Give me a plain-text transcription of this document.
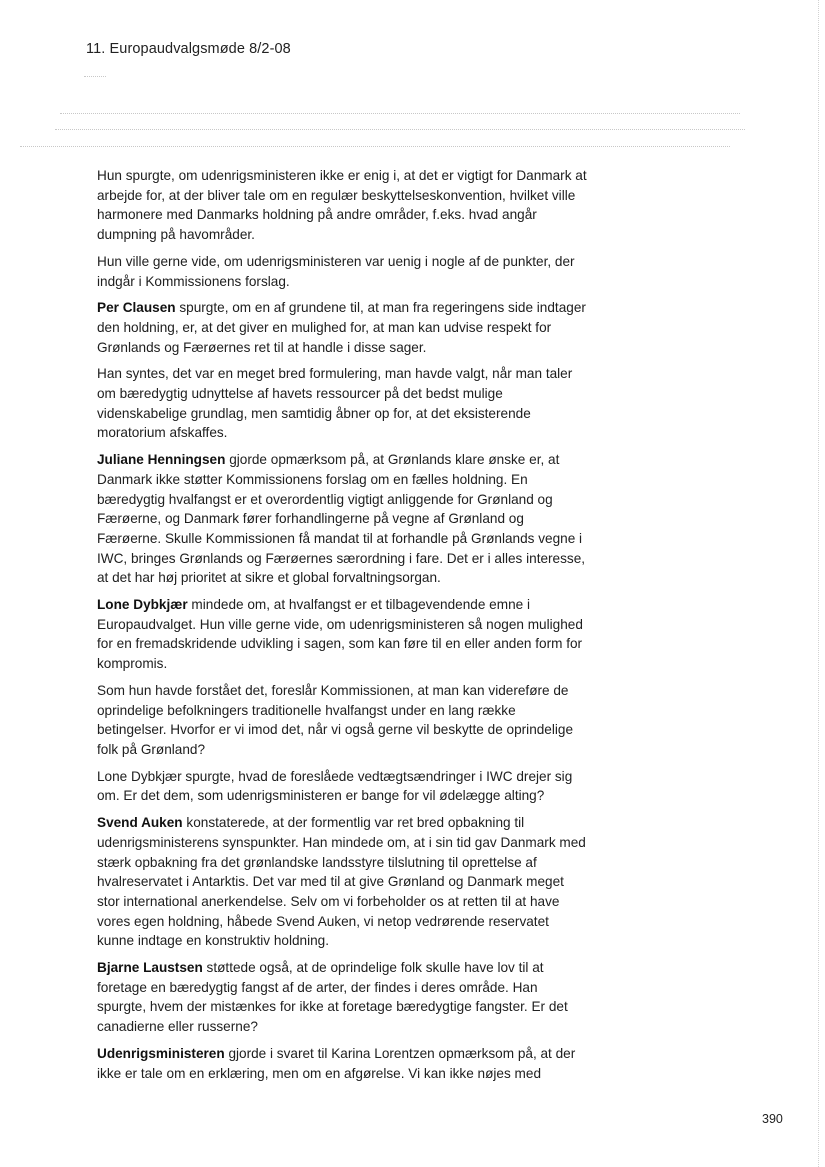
11. Europaudvalgsmøde 8/2-08

Hun spurgte, om udenrigsministeren ikke er enig i, at det er vigtigt for Danmark at arbejde for, at der bliver tale om en regulær beskyttelseskonvention, hvilket ville harmonere med Danmarks holdning på andre områder, f.eks. hvad angår dumpning på havområder.

Hun ville gerne vide, om udenrigsministeren var uenig i nogle af de punkter, der indgår i Kommissionens forslag.

Per Clausen spurgte, om en af grundene til, at man fra regeringens side indtager den holdning, er, at det giver en mulighed for, at man kan udvise respekt for Grønlands og Færøernes ret til at handle i disse sager.

Han syntes, det var en meget bred formulering, man havde valgt, når man taler om bæredygtig udnyttelse af havets ressourcer på det bedst mulige videnskabelige grundlag, men samtidig åbner op for, at det eksisterende moratorium afskaffes.

Juliane Henningsen gjorde opmærksom på, at Grønlands klare ønske er, at Danmark ikke støtter Kommissionens forslag om en fælles holdning. En bæredygtig hvalfangst er et overordentlig vigtigt anliggende for Grønland og Færøerne, og Danmark fører forhandlingerne på vegne af Grønland og Færøerne. Skulle Kommissionen få mandat til at forhandle på Grønlands vegne i IWC, bringes Grønlands og Færøernes særordning i fare. Det er i alles interesse, at det har høj prioritet at sikre et global forvaltningsorgan.

Lone Dybkjær mindede om, at hvalfangst er et tilbagevendende emne i Europaudvalget. Hun ville gerne vide, om udenrigsministeren så nogen mulighed for en fremadskridende udvikling i sagen, som kan føre til en eller anden form for kompromis.

Som hun havde forstået det, foreslår Kommissionen, at man kan videreføre de oprindelige befolkningers traditionelle hvalfangst under en lang række betingelser. Hvorfor er vi imod det, når vi også gerne vil beskytte de oprindelige folk på Grønland?

Lone Dybkjær spurgte, hvad de foreslåede vedtægtsændringer i IWC drejer sig om. Er det dem, som udenrigsministeren er bange for vil ødelægge alting?

Svend Auken konstaterede, at der formentlig var ret bred opbakning til udenrigsministerens synspunkter. Han mindede om, at i sin tid gav Danmark med stærk opbakning fra det grønlandske landsstyre tilslutning til oprettelse af hvalreservatet i Antarktis. Det var med til at give Grønland og Danmark meget stor international anerkendelse. Selv om vi forbeholder os at retten til at have vores egen holdning, håbede Svend Auken, vi netop vedrørende reservatet kunne indtage en konstruktiv holdning.

Bjarne Laustsen støttede også, at de oprindelige folk skulle have lov til at foretage en bæredygtig fangst af de arter, der findes i deres område. Han spurgte, hvem der mistænkes for ikke at foretage bæredygtige fangster. Er det canadierne eller russerne?

Udenrigsministeren gjorde i svaret til Karina Lorentzen opmærksom på, at der ikke er tale om en erklæring, men om en afgørelse. Vi kan ikke nøjes med

390
